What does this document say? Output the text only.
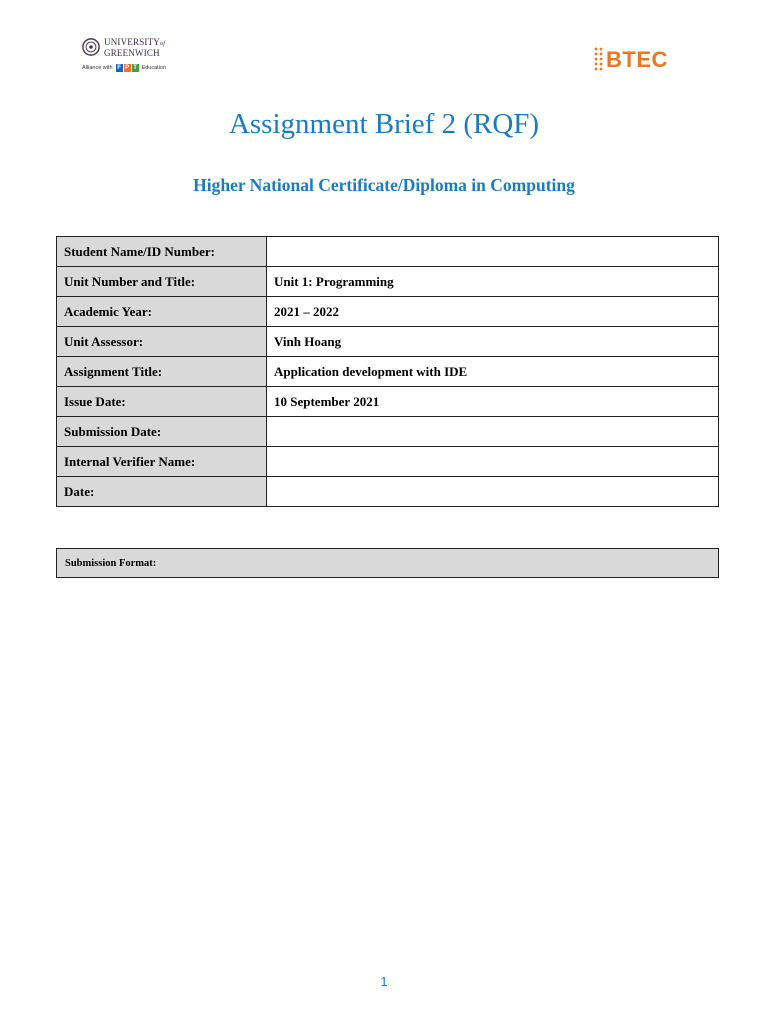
UNIVERSITYof
GREENWICH
Alliance with F P T Education	BTEC
Assignment Brief 2 (RQF)
Higher National Certificate/Diploma in Computing
Student Name/ID Number:	
Unit Number and Title:	Unit 1: Programming
Academic Year:	2021 – 2022
Unit Assessor:	Vinh Hoang
Assignment Title:	Application development with IDE
Issue Date:	10 September 2021
Submission Date:	
Internal Verifier Name:	
Date:	
Submission Format:
1
